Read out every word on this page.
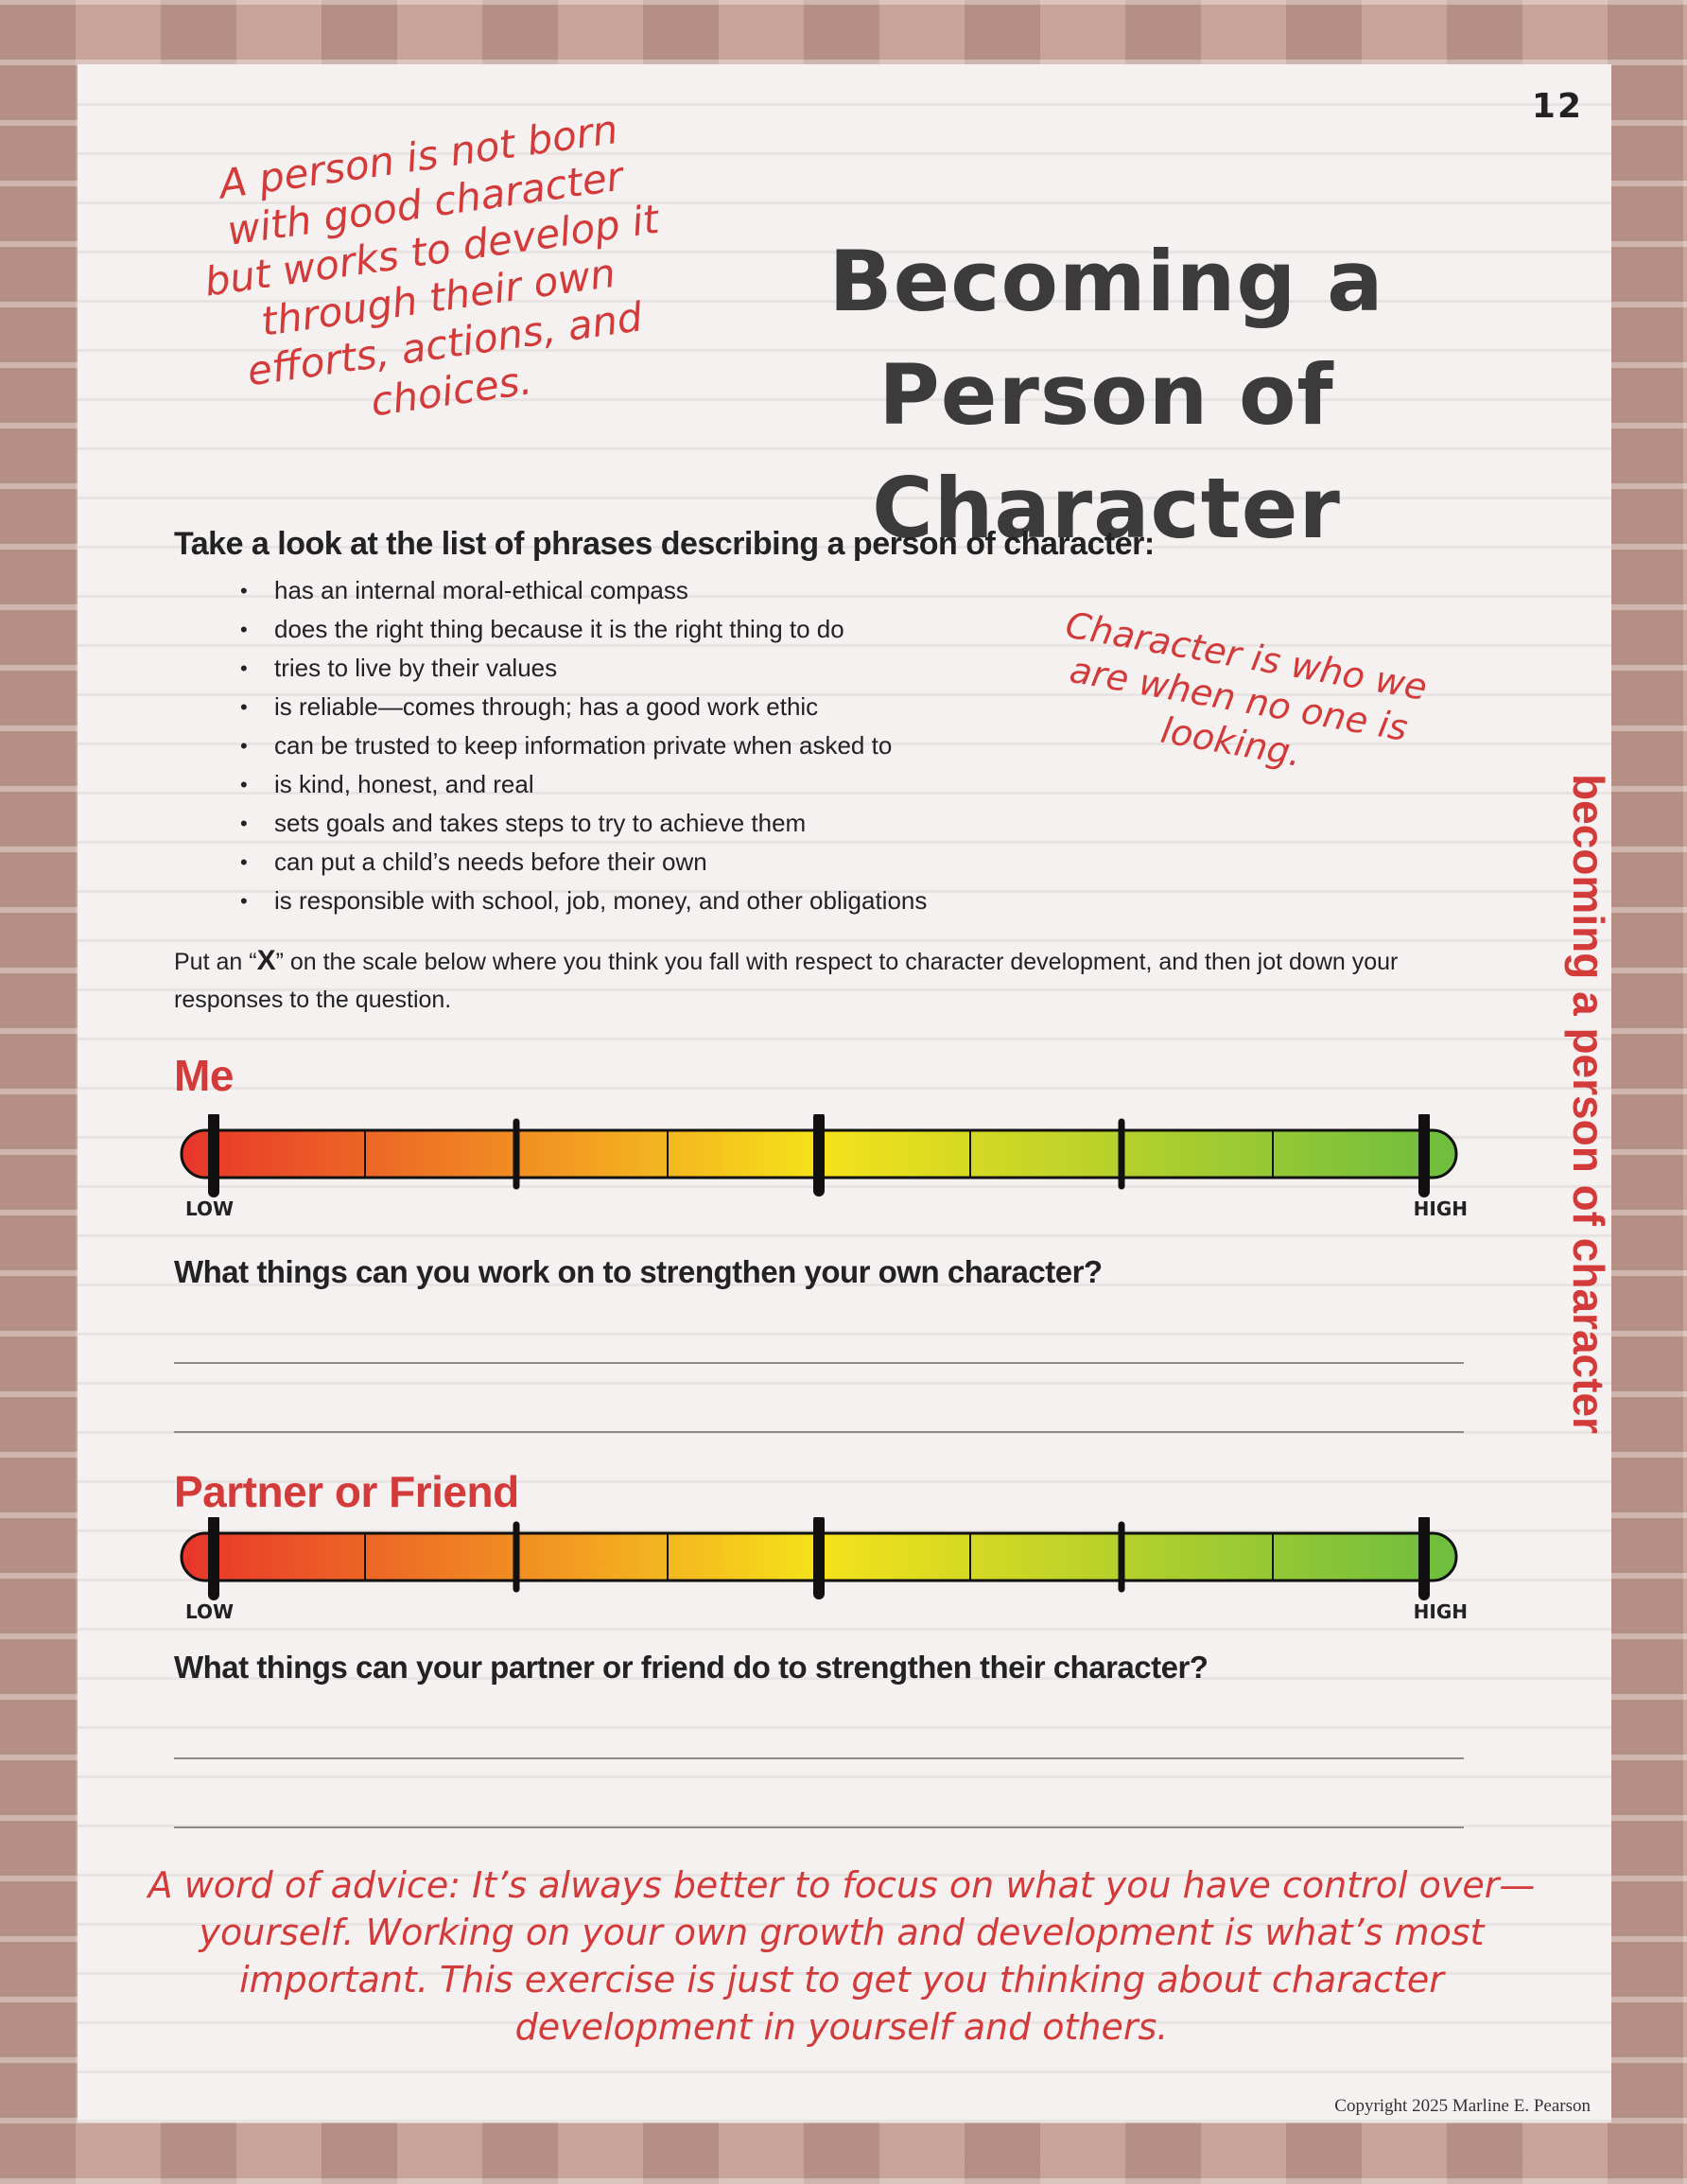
12
A person is not born with good character but works to develop it through their own efforts, actions, and choices.
Becoming a
Person of Character
becoming a person of character
Take a look at the list of phrases describing a person of character:
• has an internal moral-ethical compass
• does the right thing because it is the right thing to do
• tries to live by their values
• is reliable—comes through; has a good work ethic
• can be trusted to keep information private when asked to
• is kind, honest, and real
• sets goals and takes steps to try to achieve them
• can put a child’s needs before their own
• is responsible with school, job, money, and other obligations
Character is who we are when no one is looking.
Put an “X” on the scale below where you think you fall with respect to character development, and then jot down your responses to the question.
Me
LOW	HIGH
What things can you work on to strengthen your own character?
Partner or Friend
LOW	HIGH
What things can your partner or friend do to strengthen their character?
A word of advice: It’s always better to focus on what you have control over—yourself. Working on your own growth and development is what’s most important. This exercise is just to get you thinking about character development in yourself and others.
Copyright 2025 Marline E. Pearson
